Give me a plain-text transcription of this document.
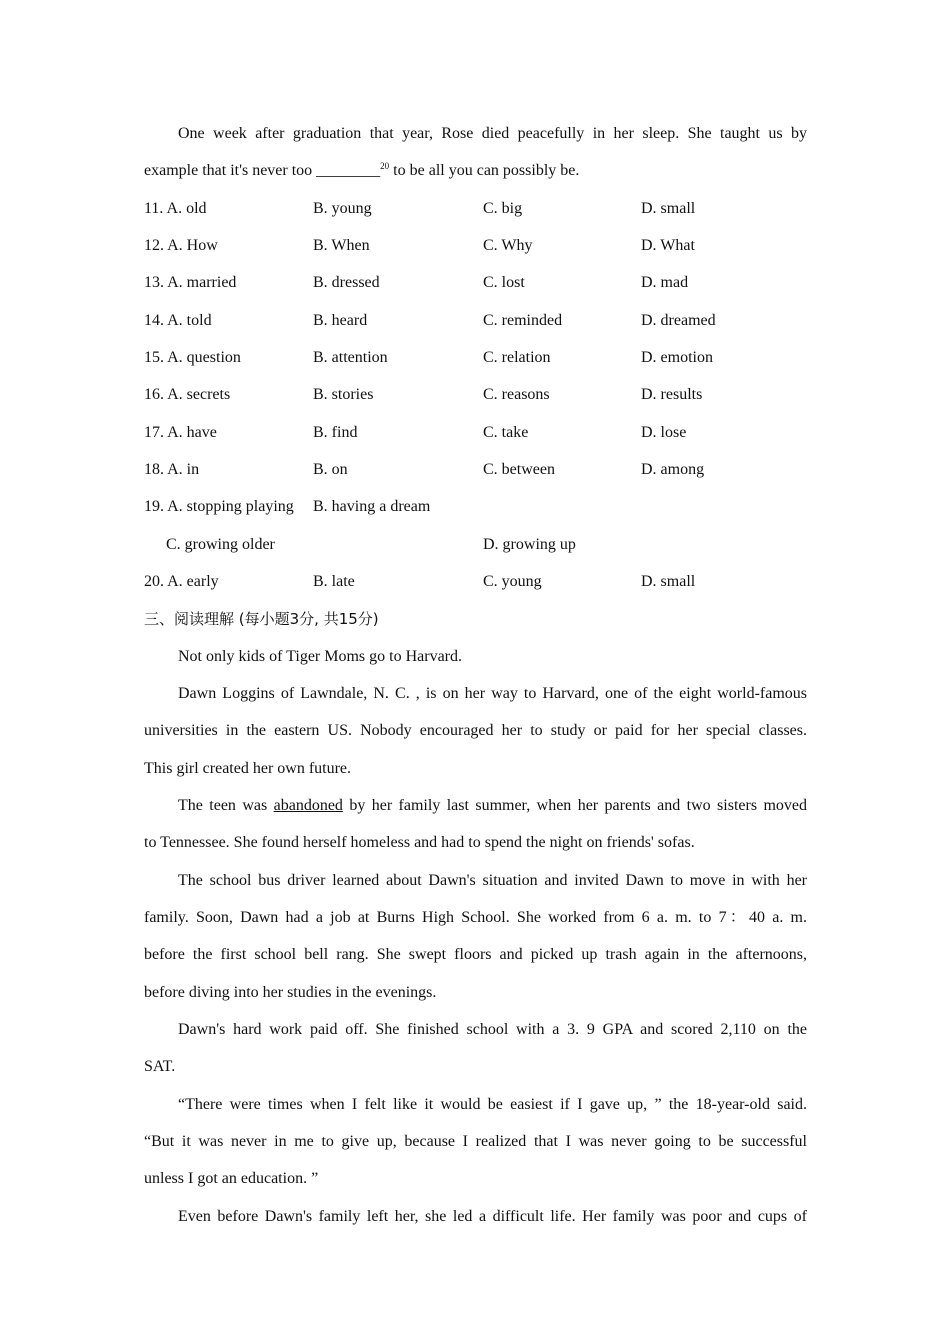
One week after graduation that year, Rose died peacefully in her sleep. She taught us by
example that it's never too ________$^{20}$ to be all you can possibly be.
11. A. old	B. young	C. big	D. small
12. A. How	B. When	C. Why	D. What
13. A. married	B. dressed	C. lost	D. mad
14. A. told	B. heard	C. reminded	D. dreamed
15. A. question	B. attention	C. relation	D. emotion
16. A. secrets	B. stories	C. reasons	D. results
17. A. have	B. find	C. take	D. lose
18. A. in	B. on	C. between	D. among
19. A. stopping playing B. having a dream
C. growing older	D. growing up
20. A. early	B. late	C. young	D. small
三、阅读理解 (每小题3分, 共15分)
Not only kids of Tiger Moms go to Harvard.
Dawn Loggins of Lawndale, N. C. , is on her way to Harvard, one of the eight world-famous
universities in the eastern US. Nobody encouraged her to study or paid for her special classes.
This girl created her own future.
The teen was abandoned by her family last summer, when her parents and two sisters moved
to Tennessee. She found herself homeless and had to spend the night on friends' sofas.
The school bus driver learned about Dawn's situation and invited Dawn to move in with her
family. Soon, Dawn had a job at Burns High School. She worked from 6 a. m. to 7：40 a. m.
before the first school bell rang. She swept floors and picked up trash again in the afternoons,
before diving into her studies in the evenings.
Dawn's hard work paid off. She finished school with a 3. 9 GPA and scored 2,110 on the
SAT.
“There were times when I felt like it would be easiest if I gave up, ” the 18-year-old said.
“But it was never in me to give up, because I realized that I was never going to be successful
unless I got an education. ”
Even before Dawn's family left her, she led a difficult life. Her family was poor and cups of
